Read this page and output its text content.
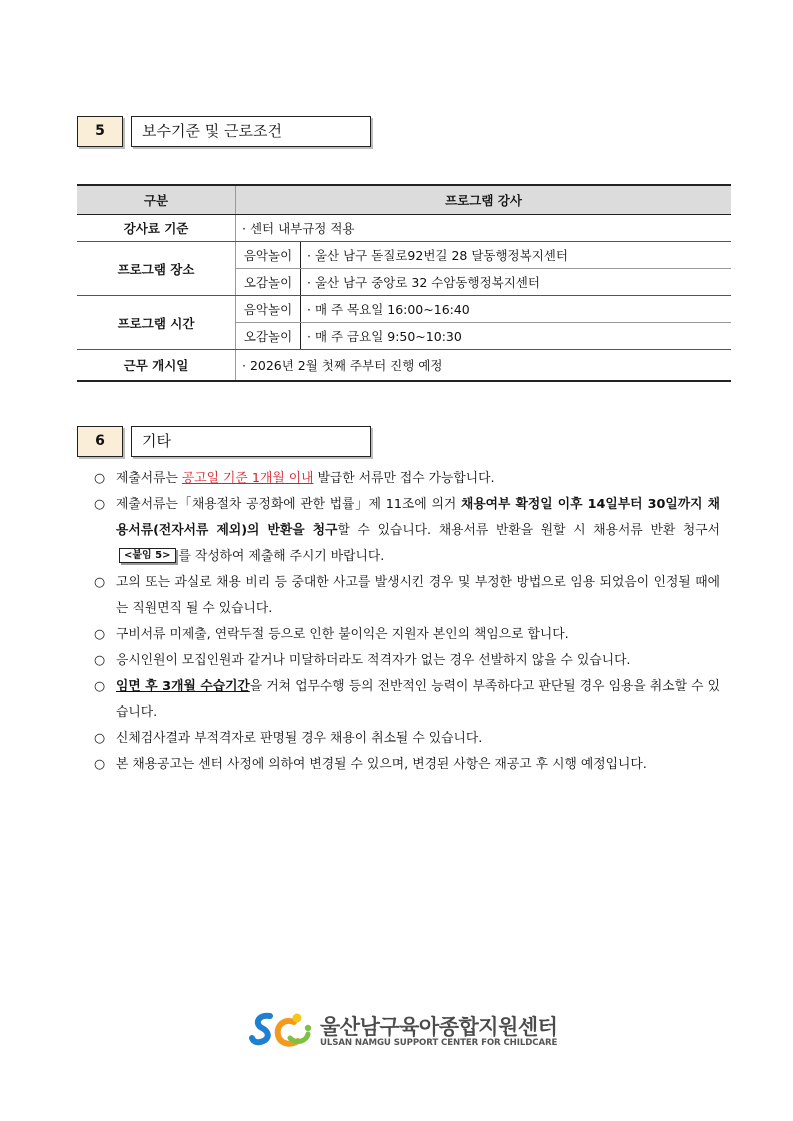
5	보수기준 및 근로조건
구분	프로그램 강사	
강사료 기준	· 센터 내부규정 적용	
프로그램 장소	음악놀이	· 울산 남구 돋질로92번길 28 달동행정복지센터
	오감놀이	· 울산 남구 중앙로 32 수암동행정복지센터
프로그램 시간	음악놀이	· 매 주 목요일 16:00~16:40
	오감놀이	· 매 주 금요일 9:50~10:30
근무 개시일	· 2026년 2월 첫째 주부터 진행 예정	
6	기타
○ 제출서류는 공고일 기준 1개월 이내 발급한 서류만 접수 가능합니다.
○ 제출서류는「채용절차 공정화에 관한 법률」제 11조에 의거 채용여부 확정일 이후 14일부터 30일까지 채용서류(전자서류 제외)의 반환을 청구할 수 있습니다. 채용서류 반환을 원할 시 채용서류 반환 청구서 <붙임 5> 를 작성하여 제출해 주시기 바랍니다.
○ 고의 또는 과실로 채용 비리 등 중대한 사고를 발생시킨 경우 및 부정한 방법으로 임용 되었음이 인정될 때에는 직원면직 될 수 있습니다.
○ 구비서류 미제출, 연락두절 등으로 인한 불이익은 지원자 본인의 책임으로 합니다.
○ 응시인원이 모집인원과 같거나 미달하더라도 적격자가 없는 경우 선발하지 않을 수 있습니다.
○ 임면 후 3개월 수습기간을 거쳐 업무수행 등의 전반적인 능력이 부족하다고 판단될 경우 임용을 취소할 수 있습니다.
○ 신체검사결과 부적격자로 판명될 경우 채용이 취소될 수 있습니다.
○ 본 채용공고는 센터 사정에 의하여 변경될 수 있으며, 변경된 사항은 재공고 후 시행 예정입니다.
울산남구육아종합지원센터
ULSAN NAMGU SUPPORT CENTER FOR CHILDCARE
